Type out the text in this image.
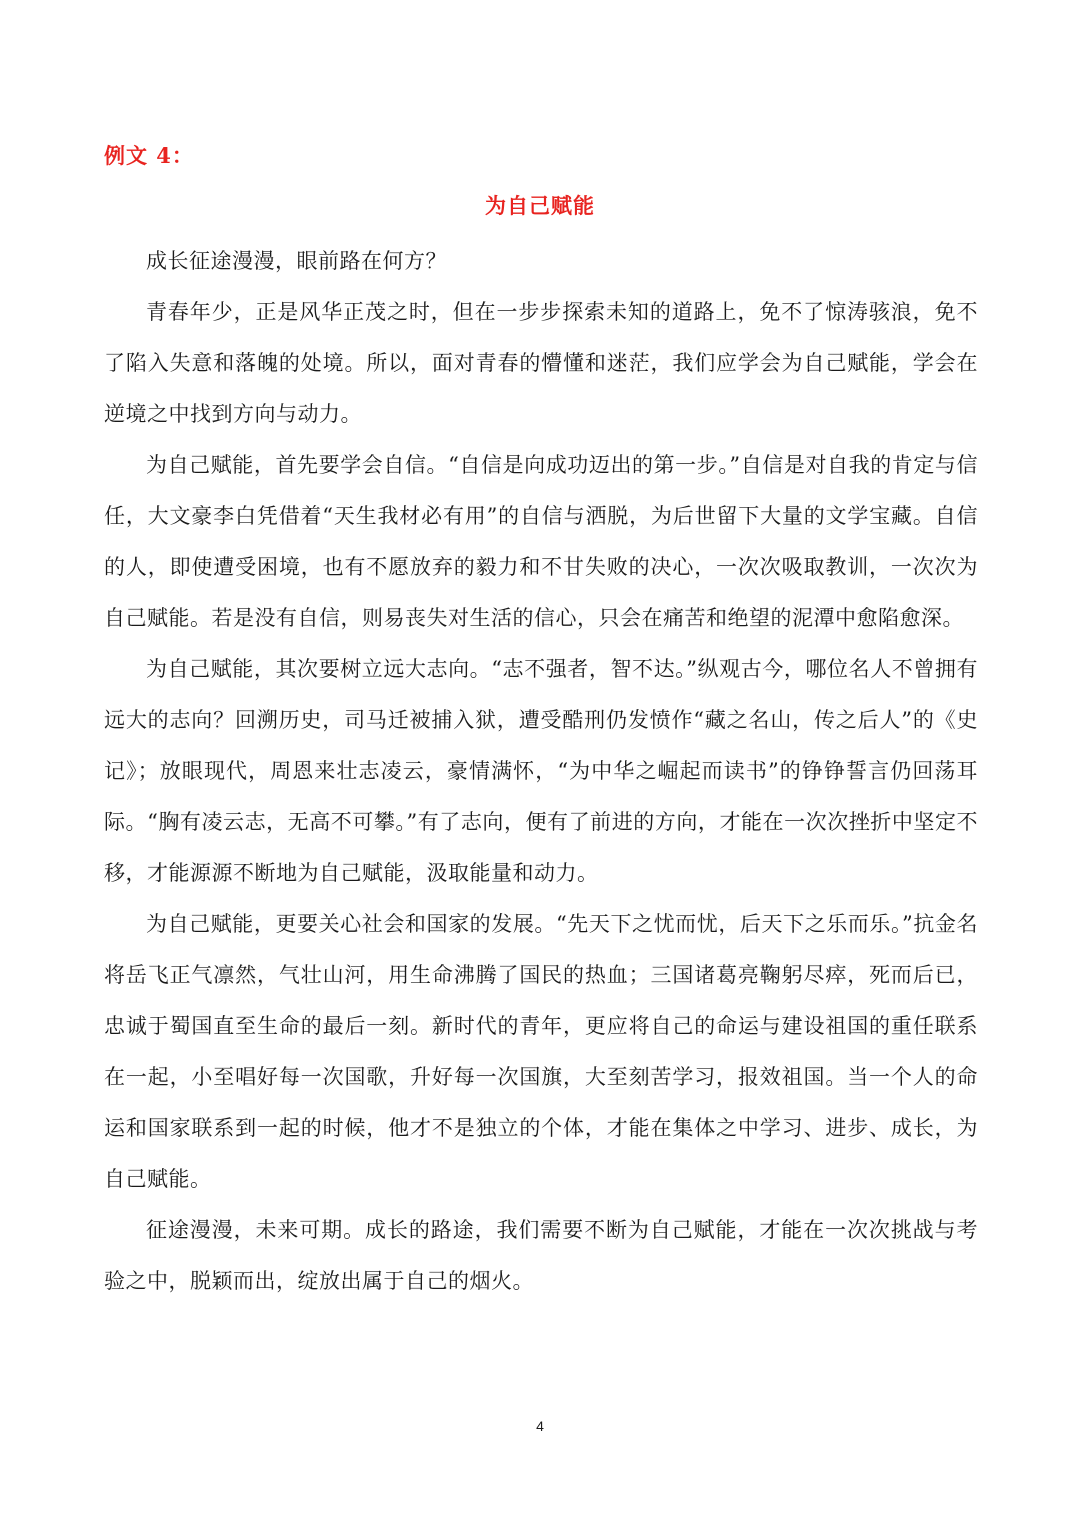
例文 4：
为自己赋能

成长征途漫漫，眼前路在何方？

青春年少，正是风华正茂之时，但在一步步探索未知的道路上，免不了惊涛骇浪，免不了陷入失意和落魄的处境。所以，面对青春的懵懂和迷茫，我们应学会为自己赋能，学会在逆境之中找到方向与动力。

为自己赋能，首先要学会自信。“自信是向成功迈出的第一步。”自信是对自我的肯定与信任，大文豪李白凭借着“天生我材必有用”的自信与洒脱，为后世留下大量的文学宝藏。自信的人，即使遭受困境，也有不愿放弃的毅力和不甘失败的决心，一次次吸取教训，一次次为自己赋能。若是没有自信，则易丧失对生活的信心，只会在痛苦和绝望的泥潭中愈陷愈深。

为自己赋能，其次要树立远大志向。“志不强者，智不达。”纵观古今，哪位名人不曾拥有远大的志向？回溯历史，司马迁被捕入狱，遭受酷刑仍发愤作“藏之名山，传之后人”的《史记》；放眼现代，周恩来壮志凌云，豪情满怀，“为中华之崛起而读书”的铮铮誓言仍回荡耳际。“胸有凌云志，无高不可攀。”有了志向，便有了前进的方向，才能在一次次挫折中坚定不移，才能源源不断地为自己赋能，汲取能量和动力。

为自己赋能，更要关心社会和国家的发展。“先天下之忧而忧，后天下之乐而乐。”抗金名将岳飞正气凛然，气壮山河，用生命沸腾了国民的热血；三国诸葛亮鞠躬尽瘁，死而后已，忠诚于蜀国直至生命的最后一刻。新时代的青年，更应将自己的命运与建设祖国的重任联系在一起，小至唱好每一次国歌，升好每一次国旗，大至刻苦学习，报效祖国。当一个人的命运和国家联系到一起的时候，他才不是独立的个体，才能在集体之中学习、进步、成长，为自己赋能。

征途漫漫，未来可期。成长的路途，我们需要不断为自己赋能，才能在一次次挑战与考验之中，脱颖而出，绽放出属于自己的烟火。

4
